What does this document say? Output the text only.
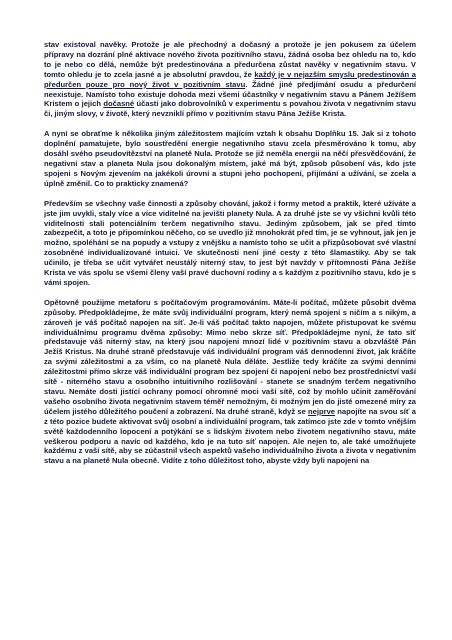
stav existoval navěky. Protože je ale přechodný a dočasný a protože je jen pokusem za účelem přípravy na dozrání plné aktivace nového života pozitivního stavu, žádná osoba bez ohledu na to, kdo to je nebo co dělá, nemůže být predestinována a předurčena zůstat navěky v negativním stavu. V tomto ohledu je to zcela jasné a je absolutní pravdou, že každý je v nejazším smyslu predestinován a předurčen pouze pro nový život v pozitivním stavu. Žádné jiné předjímání osudu a předurčení neexistuje. Namísto toho existuje dohoda mezi všemi účastníky v negativním stavu a Pánem Ježíšem Kristem o jejich dočasné účasti jako dobrovolníků v experimentu s povahou života v negativním stavu či, jiným slovy, v životě, který nevzniklí přímo v pozitivním stavu Pána Ježíše Krista.

A nyní se obraťme k několika jiným záležitostem majícím vztah k obsahu Doplňku 15. Jak si z tohoto doplnění pamatujete, bylo soustředění energie negativního stavu zcela přesměrováno k tomu, aby dosáhl svého pseudovítězství na planetě Nula. Protože se již neměla energii na něčí přesvědčování, že negativní stav a planeta Nula jsou dokonalým místem, jaké má být, způsob působení vás, kdo jste spojeni s Novým zjevením na jakékoli úrovni a stupni jeho pochopení, přijímání a užívání, se zcela a úplně změnil. Co to prakticky znamená?

Především se všechny vaše činnosti a způsoby chování, jakož i formy metod a praktik, které užíváte a jste jim uvykli, staly více a více viditelné na jevišti planety Nula. A za druhé jste se vy všichni kvůli této viditelnosti stali potenciálním terčem negativního stavu. Jediným způsobem, jak se před tímto zabezpečit, a toto je připomínkou něčeho, co se uvedlo již mnohokrát před tím, je se vyhnout, jak jen je možno, spoléhání se na popudy a vstupy z vnějšku a namísto toho se učit a přizpůsobovat své vlastní zosobněné individualizované intuici. Ve skutečnosti není jiné cesty z této šlamastiky. Aby se tak učinilo, je třeba se učit vytvářet neustálý niterný stav, to jest být navždy v přítomnosti Pána Ježíše Krista ve vás spolu se všemi členy vaší pravé duchovní rodiny a s každým z pozitivního stavu, kdo je s vámi spojen.

Opětovně použijme metaforu s počítačovým programováním. Máte-li počítač, můžete působit dvěma způsoby. Předpokládejme, že máte svůj individuální program, který nemá spojení s ničím a s nikým, a zároveň je váš počítač napojen na síť. Je-li váš počítač takto napojen, můžete přistupovat ke svému individuálnímu programu dvěma způsoby: Mimo nebo skrze síť. Předpokládejme nyní, že tato síť představuje váš niterný stav, na který jsou napojeni mnozí lidé v pozitivním stavu a obzvláště Pán Ježíš Kristus. Na druhé straně představuje váš individuální program váš dennodenní život, jak kráčíte za svými záležitostmi a za vším, co na planetě Nula děláte. Jestliže tedy kráčíte za svými denními záležitostmi přímo skrze váš individuální program bez spojení či napojení nebo bez prostřednictví vaší sítě - niterného stavu a osobního intuitivního rozlišování - stanete se snadným terčem negativního stavu. Nemáte dosti jistící ochrany pomocí ohromné moci vaší sítě, což by mohlo učinit zaměřování vašeho osobního života negativním stavem téměř nemožným, či možným jen do jisté omezené míry za účelem jistého důležitého poučení a zobrazení. Na druhé straně, když se nejprve napojíte na svou síť a z této pozice budete aktivovat svůj osobní a individuální program, tak zatímco jste zde v tomto vnějším světě každodenního lopocení a potýkání se s lidským životem nebo životem negativního stavu, máte veškerou podporu a navíc od každého, kdo je na tuto síť napojen. Ale nejen to, ale také umožňujete každému z vaší sítě, aby se zúčastnil všech aspektů vašeho individuálního života a života v negativním stavu a na planetě Nula obecně. Vidíte z toho důležitost toho, abyste vždy byli napojeni na
